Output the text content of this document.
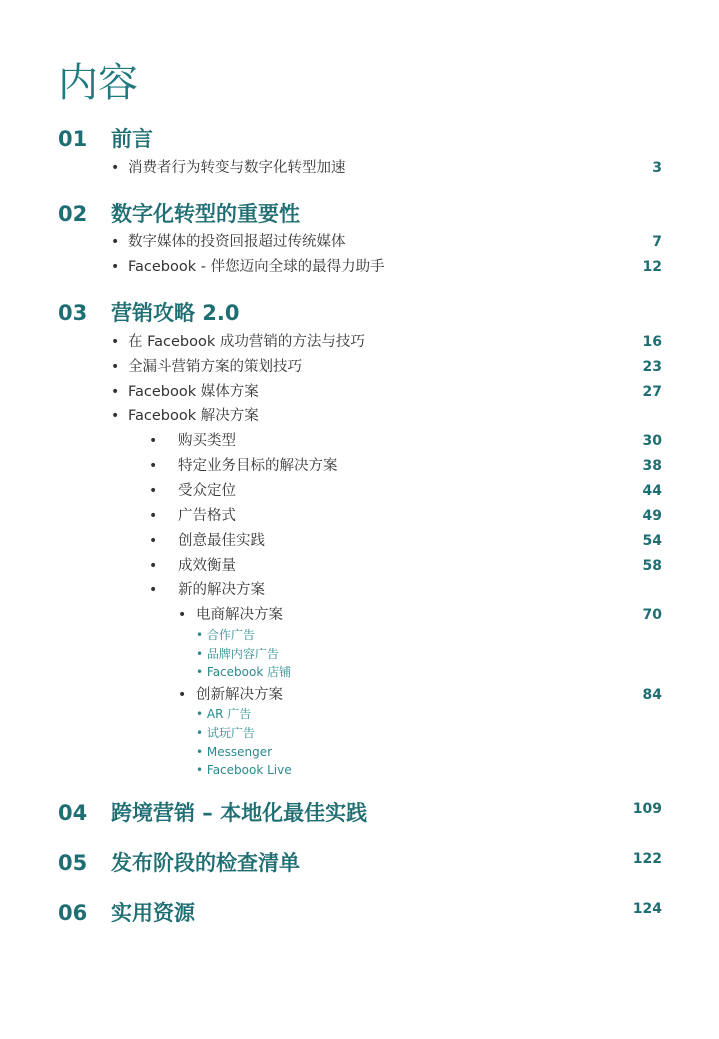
内容
01 前言
• 消费者行为转变与数字化转型加速	3
02 数字化转型的重要性
• 数字媒体的投资回报超过传统媒体	7
• Facebook - 伴您迈向全球的最得力助手	12
03 营销攻略 2.0
• 在 Facebook 成功营销的方法与技巧	16
• 全漏斗营销方案的策划技巧	23
• Facebook 媒体方案	27
• Facebook 解决方案
• 购买类型	30
• 特定业务目标的解决方案	38
• 受众定位	44
• 广告格式	49
• 创意最佳实践	54
• 成效衡量	58
• 新的解决方案
• 电商解决方案	70
• 合作广告
• 品牌内容广告
• Facebook 店铺
• 创新解决方案	84
• AR 广告
• 试玩广告
• Messenger
• Facebook Live
04 跨境营销 – 本地化最佳实践	109
05 发布阶段的检查清单	122
06 实用资源	124
